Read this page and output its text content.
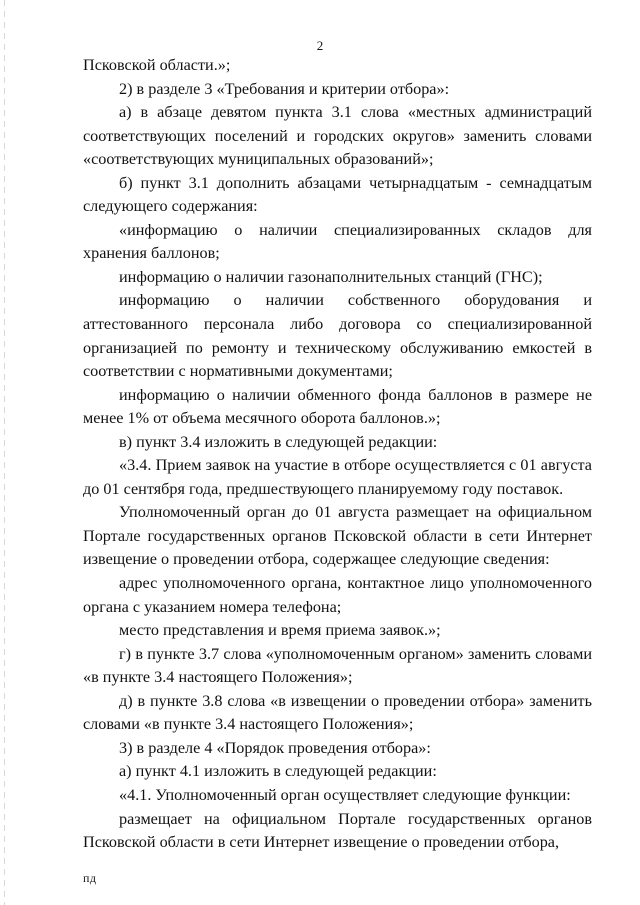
2

Псковской области.»;

2) в разделе 3 «Требования и критерии отбора»:

а) в абзаце девятом пункта 3.1 слова «местных администраций соответствующих поселений и городских округов» заменить словами «соответствующих муниципальных образований»;

б) пункт 3.1 дополнить абзацами четырнадцатым - семнадцатым следующего содержания:

«информацию о наличии специализированных складов для хранения баллонов;

информацию о наличии газонаполнительных станций (ГНС);

информацию о наличии собственного оборудования и аттестованного персонала либо договора со специализированной организацией по ремонту и техническому обслуживанию емкостей в соответствии с нормативными документами;

информацию о наличии обменного фонда баллонов в размере не менее 1% от объема месячного оборота баллонов.»;

в) пункт 3.4 изложить в следующей редакции:

«3.4. Прием заявок на участие в отборе осуществляется с 01 августа до 01 сентября года, предшествующего планируемому году поставок.

Уполномоченный орган до 01 августа размещает на официальном Портале государственных органов Псковской области в сети Интернет извещение о проведении отбора, содержащее следующие сведения:

адрес уполномоченного органа, контактное лицо уполномоченного органа с указанием номера телефона;

место представления и время приема заявок.»;

г) в пункте 3.7 слова «уполномоченным органом» заменить словами «в пункте 3.4 настоящего Положения»;

д) в пункте 3.8 слова «в извещении о проведении отбора» заменить словами «в пункте 3.4 настоящего Положения»;

3) в разделе 4 «Порядок проведения отбора»:

а) пункт 4.1 изложить в следующей редакции:

«4.1. Уполномоченный орган осуществляет следующие функции:

размещает на официальном Портале государственных органов Псковской области в сети Интернет извещение о проведении отбора,

пд
